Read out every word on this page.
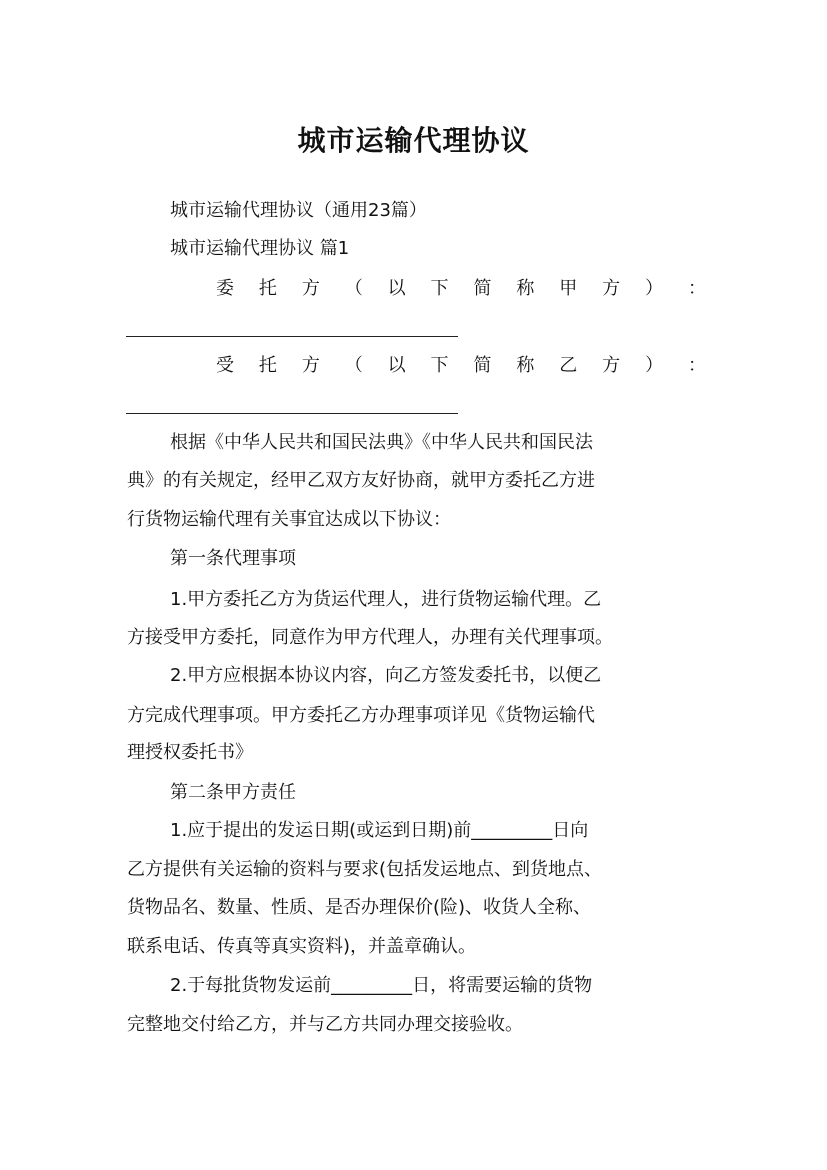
城市运输代理协议
城市运输代理协议（通用23篇）
城市运输代理协议 篇1
委 托 方 （ 以 下 简 称 甲 方 ） ：
受 托 方 （ 以 下 简 称 乙 方 ） ：
根据《中华人民共和国民法典》《中华人民共和国民法
典》的有关规定，经甲乙双方友好协商，就甲方委托乙方进
行货物运输代理有关事宜达成以下协议：
第一条代理事项
1.甲方委托乙方为货运代理人，进行货物运输代理。乙
方接受甲方委托，同意作为甲方代理人，办理有关代理事项。
2.甲方应根据本协议内容，向乙方签发委托书，以便乙
方完成代理事项。甲方委托乙方办理事项详见《货物运输代
理授权委托书》
第二条甲方责任
1.应于提出的发运日期(或运到日期)前_________日向
乙方提供有关运输的资料与要求(包括发运地点、到货地点、
货物品名、数量、性质、是否办理保价(险)、收货人全称、
联系电话、传真等真实资料)，并盖章确认。
2.于每批货物发运前_________日，将需要运输的货物
完整地交付给乙方，并与乙方共同办理交接验收。
